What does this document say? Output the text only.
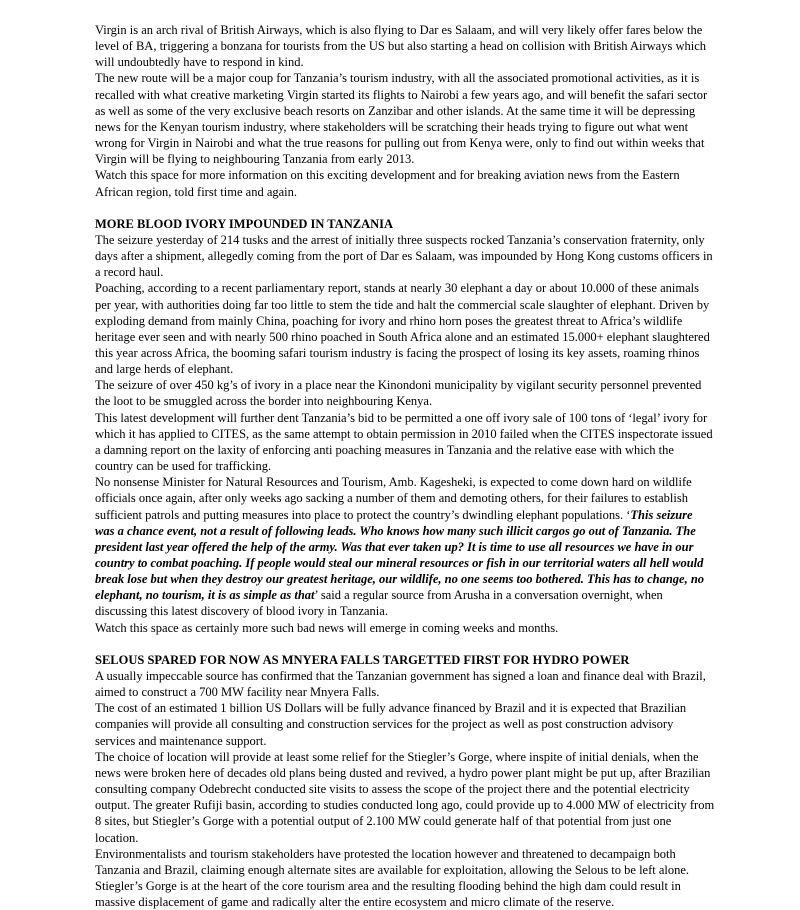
Virgin is an arch rival of British Airways, which is also flying to Dar es Salaam, and will very likely offer fares below the level of BA, triggering a bonzana for tourists from the US but also starting a head on collision with British Airways which will undoubtedly have to respond in kind.

The new route will be a major coup for Tanzania’s tourism industry, with all the associated promotional activities, as it is recalled with what creative marketing Virgin started its flights to Nairobi a few years ago, and will benefit the safari sector as well as some of the very exclusive beach resorts on Zanzibar and other islands. At the same time it will be depressing news for the Kenyan tourism industry, where stakeholders will be scratching their heads trying to figure out what went wrong for Virgin in Nairobi and what the true reasons for pulling out from Kenya were, only to find out within weeks that Virgin will be flying to neighbouring Tanzania from early 2013.

Watch this space for more information on this exciting development and for breaking aviation news from the Eastern African region, told first time and again.

MORE BLOOD IVORY IMPOUNDED IN TANZANIA

The seizure yesterday of 214 tusks and the arrest of initially three suspects rocked Tanzania’s conservation fraternity, only days after a shipment, allegedly coming from the port of Dar es Salaam, was impounded by Hong Kong customs officers in a record haul.

Poaching, according to a recent parliamentary report, stands at nearly 30 elephant a day or about 10.000 of these animals per year, with authorities doing far too little to stem the tide and halt the commercial scale slaughter of elephant. Driven by exploding demand from mainly China, poaching for ivory and rhino horn poses the greatest threat to Africa’s wildlife heritage ever seen and with nearly 500 rhino poached in South Africa alone and an estimated 15.000+ elephant slaughtered this year across Africa, the booming safari tourism industry is facing the prospect of losing its key assets, roaming rhinos and large herds of elephant.

The seizure of over 450 kg’s of ivory in a place near the Kinondoni municipality by vigilant security personnel prevented the loot to be smuggled across the border into neighbouring Kenya.

This latest development will further dent Tanzania’s bid to be permitted a one off ivory sale of 100 tons of ‘legal’ ivory for which it has applied to CITES, as the same attempt to obtain permission in 2010 failed when the CITES inspectorate issued a damning report on the laxity of enforcing anti poaching measures in Tanzania and the relative ease with which the country can be used for trafficking.

No nonsense Minister for Natural Resources and Tourism, Amb. Kagesheki, is expected to come down hard on wildlife officials once again, after only weeks ago sacking a number of them and demoting others, for their failures to establish sufficient patrols and putting measures into place to protect the country’s dwindling elephant populations. ‘This seizure was a chance event, not a result of following leads. Who knows how many such illicit cargos go out of Tanzania. The president last year offered the help of the army. Was that ever taken up? It is time to use all resources we have in our country to combat poaching. If people would steal our mineral resources or fish in our territorial waters all hell would break lose but when they destroy our greatest heritage, our wildlife, no one seems too bothered. This has to change, no elephant, no tourism, it is as simple as that’ said a regular source from Arusha in a conversation overnight, when discussing this latest discovery of blood ivory in Tanzania.

Watch this space as certainly more such bad news will emerge in coming weeks and months.

SELOUS SPARED FOR NOW AS MNYERA FALLS TARGETTED FIRST FOR HYDRO POWER

A usually impeccable source has confirmed that the Tanzanian government has signed a loan and finance deal with Brazil, aimed to construct a 700 MW facility near Mnyera Falls.

The cost of an estimated 1 billion US Dollars will be fully advance financed by Brazil and it is expected that Brazilian companies will provide all consulting and construction services for the project as well as post construction advisory services and maintenance support.

The choice of location will provide at least some relief for the Stiegler’s Gorge, where inspite of initial denials, when the news were broken here of decades old plans being dusted and revived, a hydro power plant might be put up, after Brazilian consulting company Odebrecht conducted site visits to assess the scope of the project there and the potential electricity output. The greater Rufiji basin, according to studies conducted long ago, could provide up to 4.000 MW of electricity from 8 sites, but Stiegler’s Gorge with a potential output of 2.100 MW could generate half of that potential from just one location.

Environmentalists and tourism stakeholders have protested the location however and threatened to decampaign both Tanzania and Brazil, claiming enough alternate sites are available for exploitation, allowing the Selous to be left alone. Stiegler’s Gorge is at the heart of the core tourism area and the resulting flooding behind the high dam could result in massive displacement of game and radically alter the entire ecosystem and micro climate of the reserve.
